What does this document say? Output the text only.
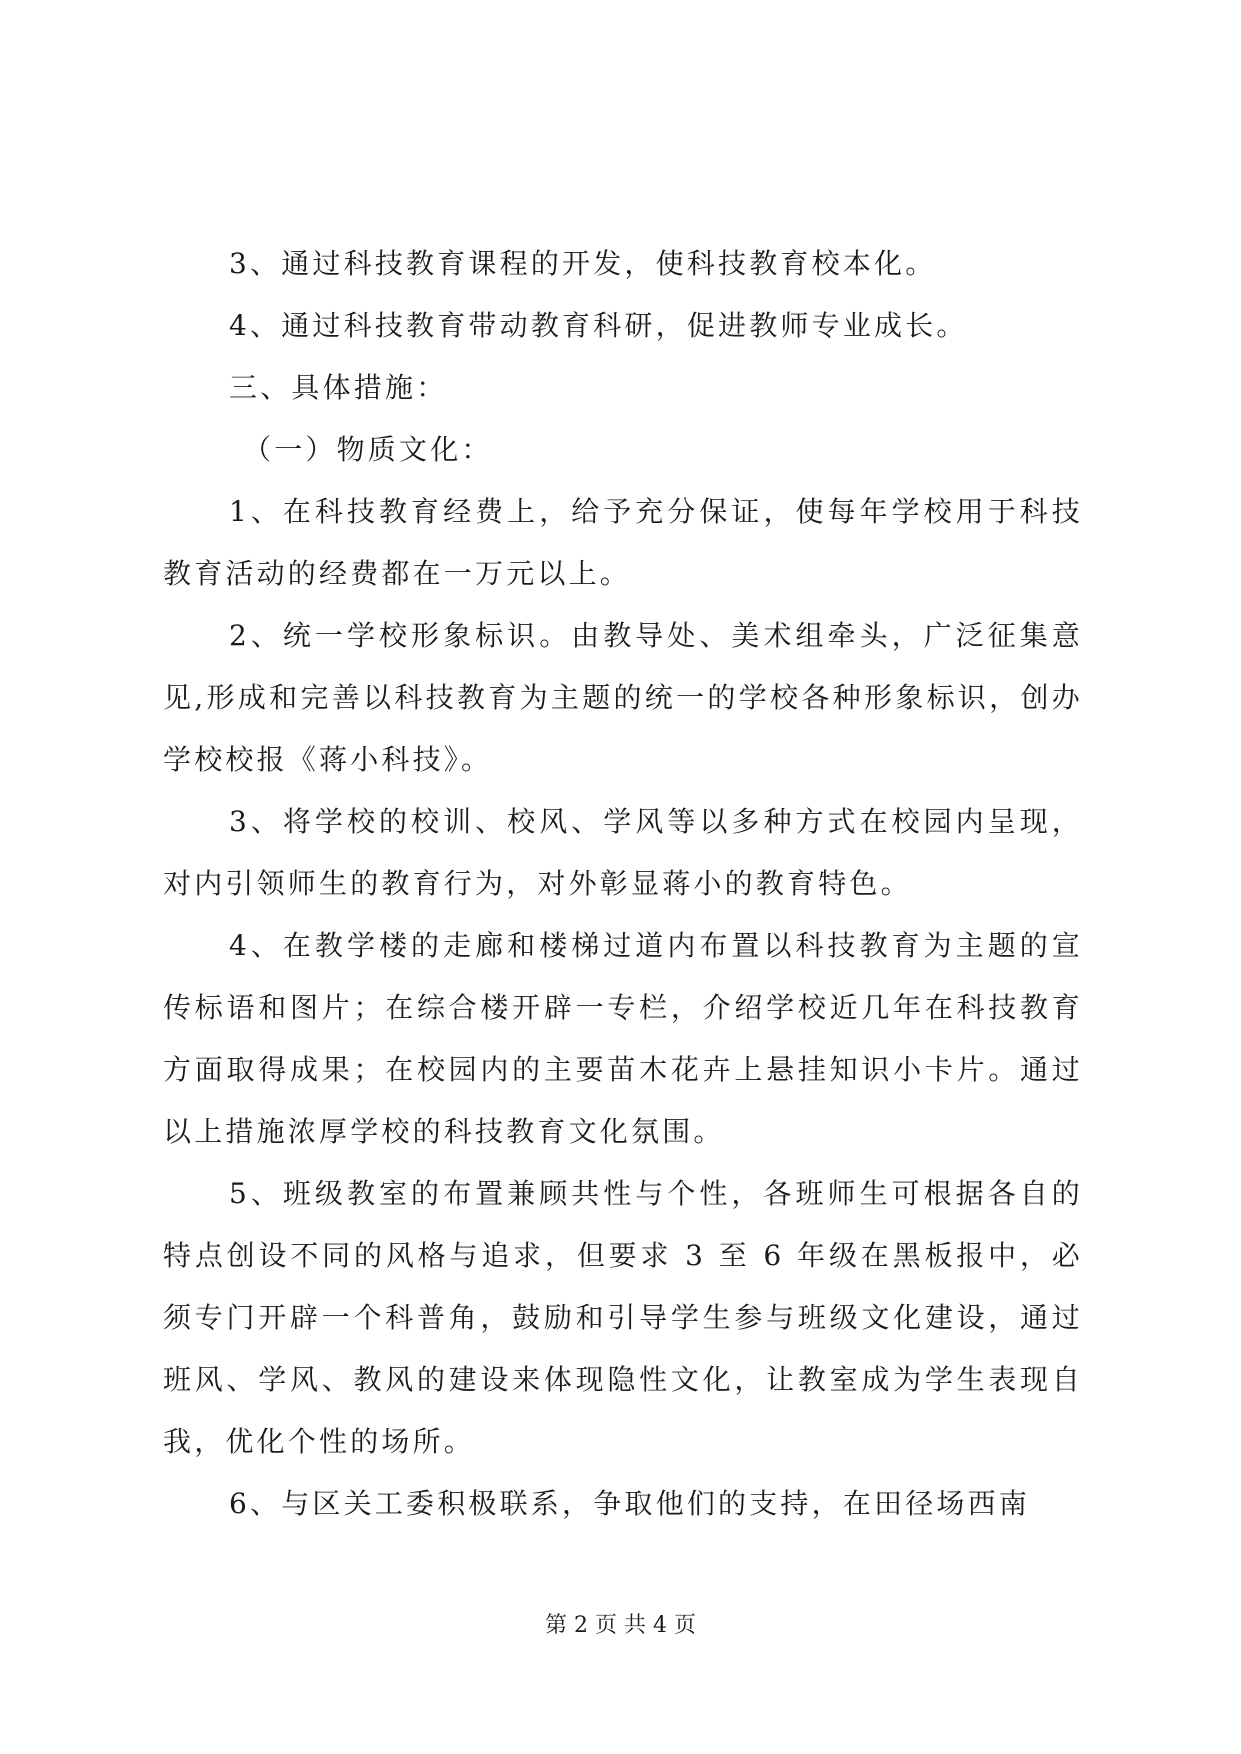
3、通过科技教育课程的开发，使科技教育校本化。

4、通过科技教育带动教育科研，促进教师专业成长。

三、具体措施：

（一）物质文化：

1、在科技教育经费上，给予充分保证，使每年学校用于科技教育活动的经费都在一万元以上。

2、统一学校形象标识。由教导处、美术组牵头，广泛征集意见,形成和完善以科技教育为主题的统一的学校各种形象标识，创办学校校报《蒋小科技》。

3、将学校的校训、校风、学风等以多种方式在校园内呈现，对内引领师生的教育行为，对外彰显蒋小的教育特色。

4、在教学楼的走廊和楼梯过道内布置以科技教育为主题的宣传标语和图片；在综合楼开辟一专栏，介绍学校近几年在科技教育方面取得成果；在校园内的主要苗木花卉上悬挂知识小卡片。通过以上措施浓厚学校的科技教育文化氛围。

5、班级教室的布置兼顾共性与个性，各班师生可根据各自的特点创设不同的风格与追求，但要求 3 至 6 年级在黑板报中，必须专门开辟一个科普角，鼓励和引导学生参与班级文化建设，通过班风、学风、教风的建设来体现隐性文化，让教室成为学生表现自我，优化个性的场所。

6、与区关工委积极联系，争取他们的支持，在田径场西南

第 2 页 共 4 页
